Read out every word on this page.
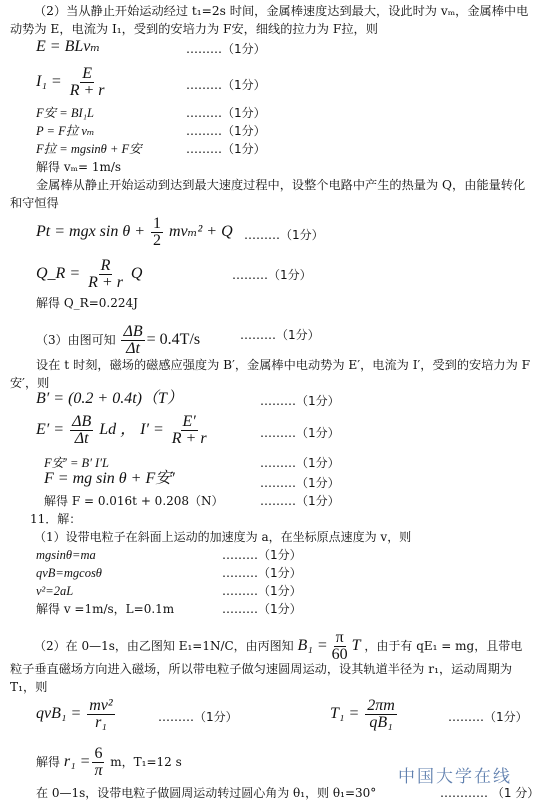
（2）当从静止开始运动经过 t₁=2s 时间，金属棒速度达到最大，设此时为 vₘ，金属棒中电动势为 E，电流为 I₁，受到的安培力为 F安，细线的拉力为 F拉，则
E = BLvₘ	………（1分）
$I_1 = \frac{E}{R + r}$	………（1分）
F安 = BI₁L	………（1分）
P = F拉 vₘ	………（1分）
F拉 = mgsinθ + F安	………（1分）
解得 vₘ= 1m/s
金属棒从静止开始运动到达到最大速度过程中，设整个电路中产生的热量为 Q，由能量转化和守恒得
Pt = mgx $\sin \theta + \frac{1}{2} mv_m^2 + Q$ ………（1分）
Q_R = $\frac{R}{R + r}$ Q	………（1分）
解得 Q_R=0.224J
（3）由图可知 $\frac{\Delta B}{\Delta t} = 0.4T/s$	………（1分）
设在 t 时刻，磁场的磁感应强度为 B′，金属棒中电动势为 E′，电流为 I′，受到的安培力为 F安′，则
B′ = (0.2 + 0.4t)（T）	………（1分）
$E' = \frac{\Delta B}{\Delta t}$ Ld ， $I' = \frac{E'}{R + r}$	………（1分）
F安′ = B′ I′L	………（1分）
F = mg sin θ + F安′	………（1分）
解得 F = 0.016t + 0.208（N）	………（1分）
11．解：
（1）设带电粒子在斜面上运动的加速度为 a，在坐标原点速度为 v，则
mgsinθ=ma	………（1分）
qvB=mgcosθ	………（1分）
v²=2aL	………（1分）
解得 v =1m/s，L=0.1m	………（1分）
（2）在 0—1s，由乙图知 E₁=1N/C，由丙图知 $B_1 = \frac{\pi}{60}$ T ，由于有 qE₁ = mg，且带电
粒子垂直磁场方向进入磁场，所以带电粒子做匀速圆周运动，设其轨道半径为 r₁，运动周期为 T₁，则
$qvB_1 = \frac{\text{mv²}}{\text{r₁}}$	………（1分）	$T_1 = \frac{2\pi m}{\text{qB₁}}$	………（1分）
解得 $r_1 = \frac{6}{\pi}$ m，T₁=12 s
在 0—1s，设带电粒子做圆周运动转过圆心角为 θ₁，则 θ₁=30°	………… （1 分）
中国大学在线
